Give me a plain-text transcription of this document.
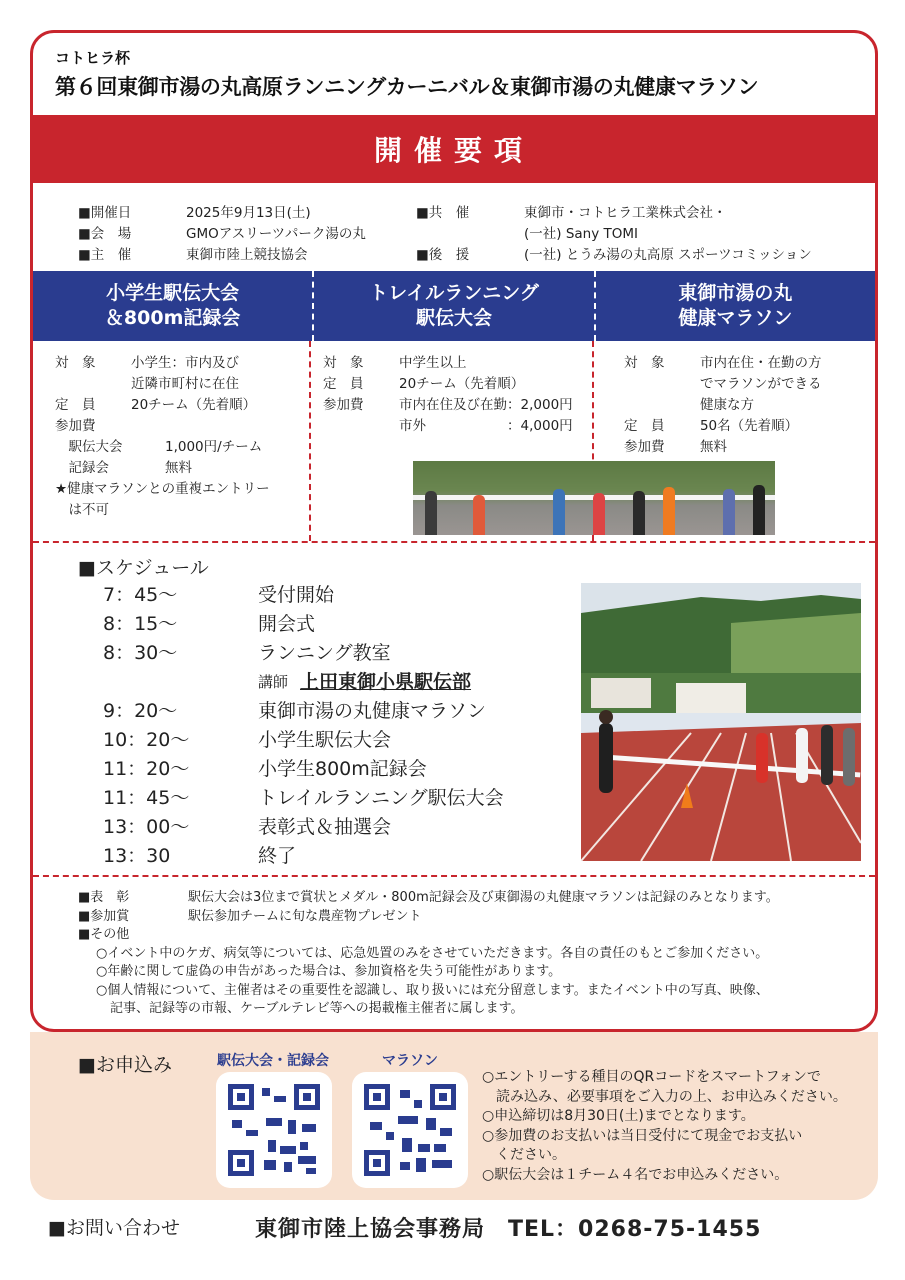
コトヒラ杯
第６回東御市湯の丸高原ランニングカーニバル＆東御市湯の丸健康マラソン
開催要項
■開催日	2025年9月13日(土)
■会　場	GMOアスリーツパーク湯の丸
■主　催	東御市陸上競技協会
■共　催	東御市・コトヒラ工業株式会社・
(一社) Sany TOMI
■後　援	(一社) とうみ湯の丸高原 スポーツコミッション
小学生駅伝大会
＆800m記録会
トレイルランニング
駅伝大会
東御市湯の丸
健康マラソン
対　象	小学生：市内及び
近隣市町村に在住
定　員	20チーム（先着順）
参加費
　駅伝大会	1,000円/チーム
　記録会	無料
★健康マラソンとの重複エントリー
　は不可
対　象	中学生以上
定　員	20チーム（先着順）
参加費	市内在住及び在勤：2,000円
市外　　　　　　：4,000円
対　象	市内在住・在勤の方
でマラソンができる
健康な方
定　員	50名（先着順）
参加費	無料
■スケジュール
7：45～	受付開始
8：15～	開会式
8：30～	ランニング教室
講師 上田東御小県駅伝部
9：20～	東御市湯の丸健康マラソン
10：20～	小学生駅伝大会
11：20～	小学生800m記録会
11：45～	トレイルランニング駅伝大会
13：00～	表彰式＆抽選会
13：30	終了
■表　彰	駅伝大会は3位まで賞状とメダル・800m記録会及び東御湯の丸健康マラソンは記録のみとなります。
■参加賞	駅伝参加チームに旬な農産物プレゼント
■その他
○イベント中のケガ、病気等については、応急処置のみをさせていただきます。各自の責任のもとご参加ください。
○年齢に関して虚偽の申告があった場合は、参加資格を失う可能性があります。
○個人情報について、主催者はその重要性を認識し、取り扱いには充分留意します。またイベント中の写真、映像、
記事、記録等の市報、ケーブルテレビ等への掲載権主催者に属します。
■お申込み	駅伝大会・記録会	マラソン
○エントリーする種目のQRコードをスマートフォンで
　読み込み、必要事項をご入力の上、お申込みください。
○申込締切は8月30日(土)までとなります。
○参加費のお支払いは当日受付にて現金でお支払い
　ください。
○駅伝大会は１チーム４名でお申込みください。
■お問い合わせ	東御市陸上協会事務局　TEL：0268-75-1455
